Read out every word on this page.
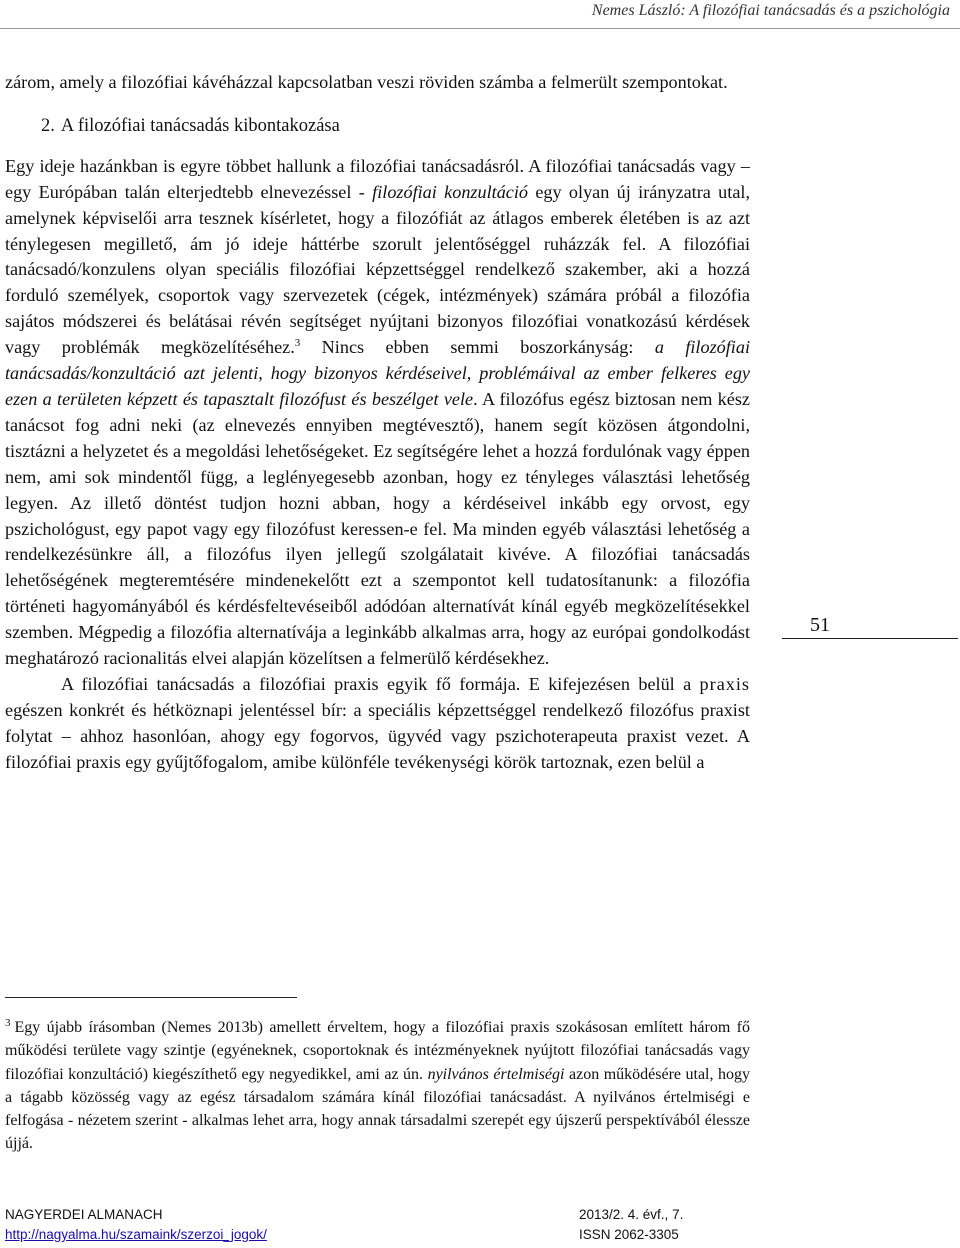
Nemes László: A filozófiai tanácsadás és a pszichológia

zárom, amely a filozófiai kávéházzal kapcsolatban veszi röviden számba a felmerült szempontokat.

2. A filozófiai tanácsadás kibontakozása

Egy ideje hazánkban is egyre többet hallunk a filozófiai tanácsadásról. A filozófiai tanácsadás vagy – egy Európában talán elterjedtebb elnevezéssel - filozófiai konzultáció egy olyan új irányzatra utal, amelynek képviselői arra tesznek kísérletet, hogy a filozófiát az átlagos emberek életében is az azt ténylegesen megillető, ám jó ideje háttérbe szorult jelentőséggel ruházzák fel. A filozófiai tanácsadó/konzulens olyan speciális filozófiai képzettséggel rendelkező szakember, aki a hozzá forduló személyek, csoportok vagy szervezetek (cégek, intézmények) számára próbál a filozófia sajátos módszerei és belátásai révén segítséget nyújtani bizonyos filozófiai vonatkozású kérdések vagy problémák megközelítéséhez.$^3$ Nincs ebben semmi boszorkányság: a filozófiai tanácsadás/konzultáció azt jelenti, hogy bizonyos kérdéseivel, problémáival az ember felkeres egy ezen a területen képzett és tapasztalt filozófust és beszélget vele. A filozófus egész biztosan nem kész tanácsot fog adni neki (az elnevezés ennyiben megtévesztő), hanem segít közösen átgondolni, tisztázni a helyzetet és a megoldási lehetőségeket. Ez segítségére lehet a hozzá fordulónak vagy éppen nem, ami sok mindentől függ, a leglényegesebb azonban, hogy ez tényleges választási lehetőség legyen. Az illető döntést tudjon hozni abban, hogy a kérdéseivel inkább egy orvost, egy pszichológust, egy papot vagy egy filozófust keressen-e fel. Ma minden egyéb választási lehetőség a rendelkezésünkre áll, a filozófus ilyen jellegű szolgálatait kivéve. A filozófiai tanácsadás lehetőségének megteremtésére mindenekelőtt ezt a szempontot kell tudatosítanunk: a filozófia történeti hagyományából és kérdésfeltevéseiből adódóan alternatívát kínál egyéb megközelítésekkel szemben. Mégpedig a filozófia alternatívája a leginkább alkalmas arra, hogy az európai gondolkodást meghatározó racionalitás elvei alapján közelítsen a felmerülő kérdésekhez.

A filozófiai tanácsadás a filozófiai praxis egyik fő formája. E kifejezésen belül a praxis egészen konkrét és hétköznapi jelentéssel bír: a speciális képzettséggel rendelkező filozófus praxist folytat – ahhoz hasonlóan, ahogy egy fogorvos, ügyvéd vagy pszichoterapeuta praxist vezet. A filozófiai praxis egy gyűjtőfogalom, amibe különféle tevékenységi körök tartoznak, ezen belül a

51

$^3$ Egy újabb írásomban (Nemes 2013b) amellett érveltem, hogy a filozófiai praxis szokásosan említett három fő működési területe vagy szintje (egyéneknek, csoportoknak és intézményeknek nyújtott filozófiai tanácsadás vagy filozófiai konzultáció) kiegészíthető egy negyedikkel, ami az ún. nyilvános értelmiségi azon működésére utal, hogy a tágabb közösség vagy az egész társadalom számára kínál filozófiai tanácsadást. A nyilvános értelmiségi e felfogása - nézetem szerint - alkalmas lehet arra, hogy annak társadalmi szerepét egy újszerű perspektívából élessze újjá.

NAGYERDEI ALMANACH	2013/2. 4. évf., 7.
http://nagyalma.hu/szamaink/szerzoi_jogok/	ISSN 2062-3305
